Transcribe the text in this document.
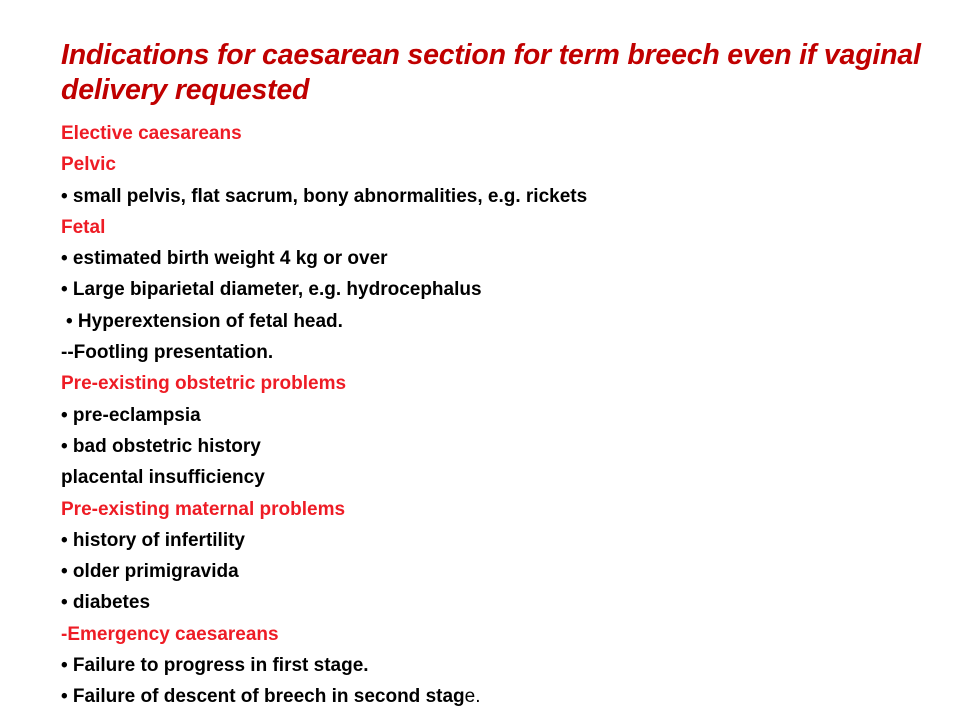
Indications for caesarean section for term breech even if vaginal delivery requested
Elective caesareans
Pelvic
• small pelvis, flat sacrum, bony abnormalities, e.g. rickets
Fetal
• estimated birth weight 4 kg or over
• Large biparietal diameter, e.g. hydrocephalus
• Hyperextension of fetal head.
--Footling presentation.
Pre-existing obstetric problems
• pre-eclampsia
• bad obstetric history
placental insufficiency
Pre-existing maternal problems
• history of infertility
• older primigravida
• diabetes
-Emergency caesareans
• Failure to progress in first stage.
• Failure of descent of breech in second stage.
